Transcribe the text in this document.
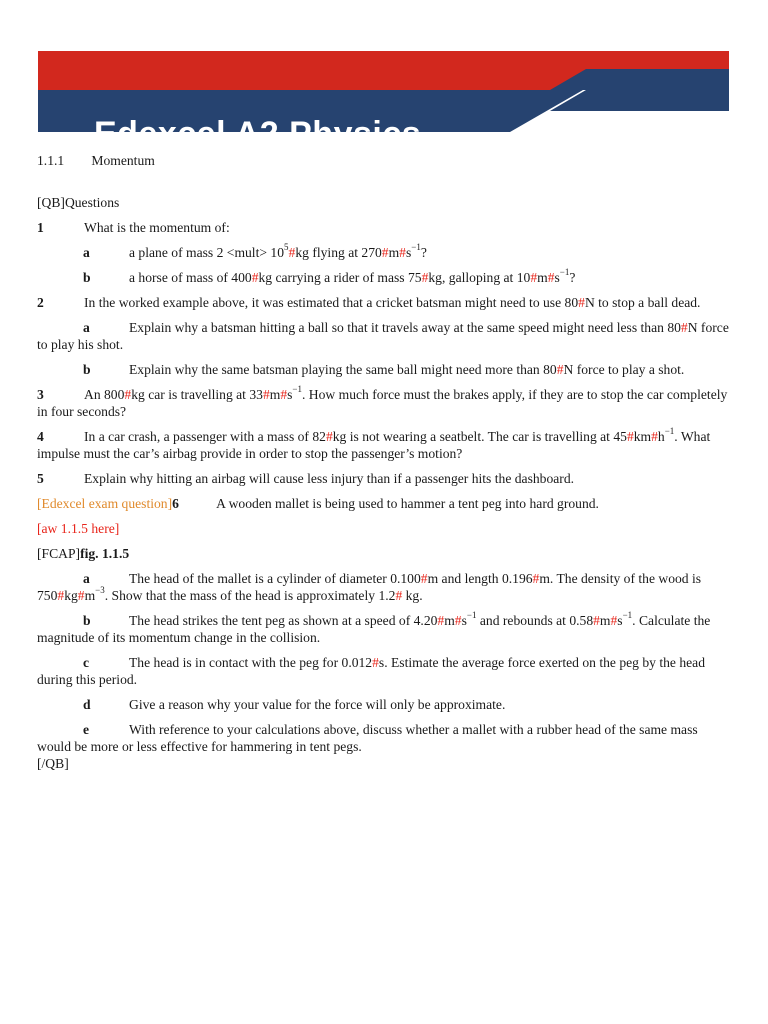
Edexcel A2 Physics

1.1.1 Momentum

[QB]Questions

1	What is the momentum of:

a	a plane of mass 2 <mult> $10^5\#kg$ flying at $270\#m\#s^{-1}$?

b	a horse of mass of 400#kg carrying a rider of mass 75#kg, galloping at $10\#m\#s^{-1}$?

2	In the worked example above, it was estimated that a cricket batsman might need to use 80#N to stop a ball dead.

a	Explain why a batsman hitting a ball so that it travels away at the same speed might need less than 80#N force to play his shot.

b	Explain why the same batsman playing the same ball might need more than 80#N force to play a shot.

3	An 800#kg car is travelling at $33\#m\#s^{-1}$. How much force must the brakes apply, if they are to stop the car completely in four seconds?

4	In a car crash, a passenger with a mass of 82#kg is not wearing a seatbelt. The car is travelling at $45\#km\#h^{-1}$. What impulse must the car’s airbag provide in order to stop the passenger’s motion?

5	Explain why hitting an airbag will cause less injury than if a passenger hits the dashboard.

[Edexcel exam question]6	A wooden mallet is being used to hammer a tent peg into hard ground.

[aw 1.1.5 here]

[FCAP]fig. 1.1.5

a	The head of the mallet is a cylinder of diameter 0.100#m and length 0.196#m. The density of the wood is $750\#kg\#m^{-3}$. Show that the mass of the head is approximately 1.2# kg.

b	The head strikes the tent peg as shown at a speed of $4.20\#m\#s^{-1}$ and rebounds at $0.58\#m\#s^{-1}$. Calculate the magnitude of its momentum change in the collision.

c	The head is in contact with the peg for 0.012#s. Estimate the average force exerted on the peg by the head during this period.

d	Give a reason why your value for the force will only be approximate.

e	With reference to your calculations above, discuss whether a mallet with a rubber head of the same mass would be more or less effective for hammering in tent pegs.

[/QB]
